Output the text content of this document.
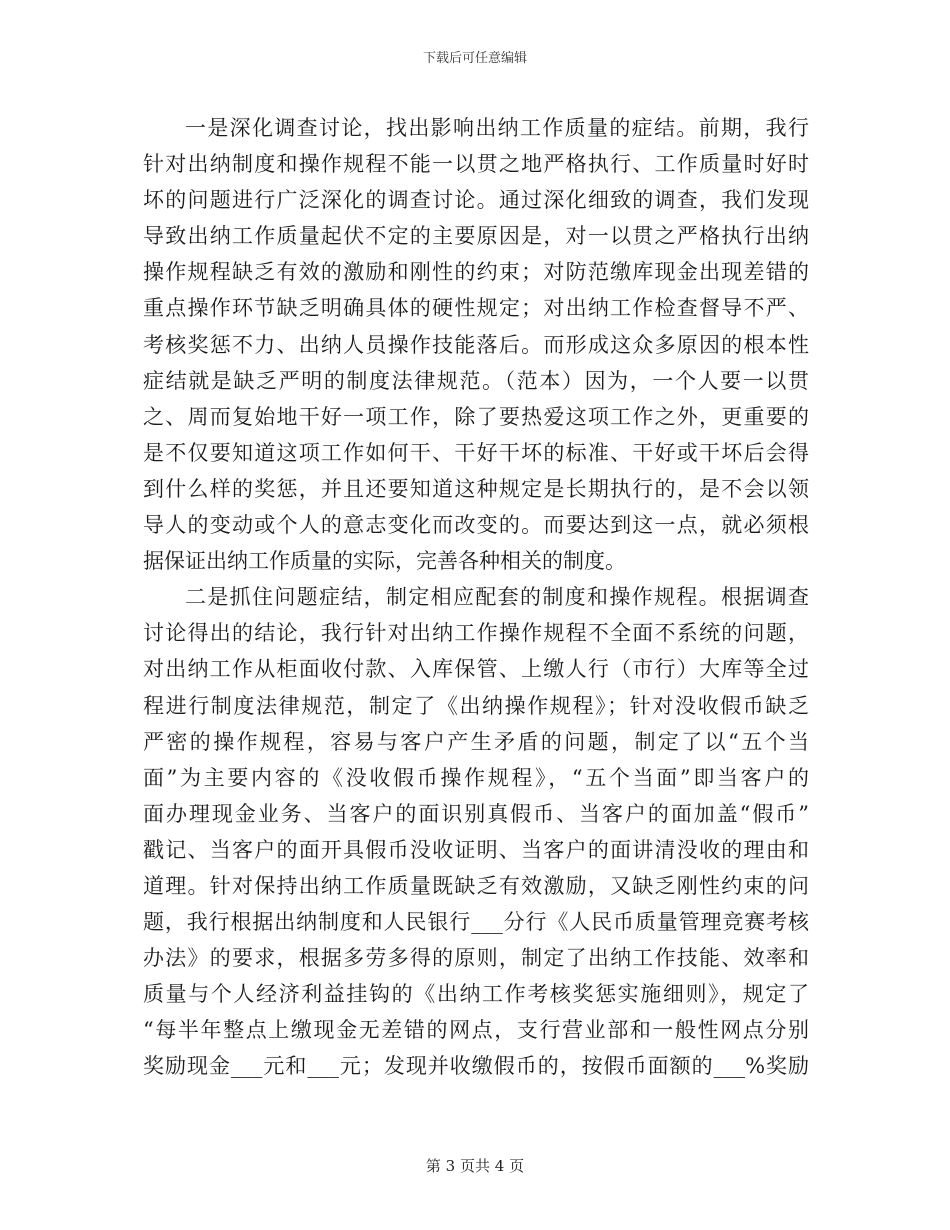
下载后可任意编辑
一是深化调查讨论，找出影响出纳工作质量的症结。前期，我行
针对出纳制度和操作规程不能一以贯之地严格执行、工作质量时好时
坏的问题进行广泛深化的调查讨论。通过深化细致的调查，我们发现
导致出纳工作质量起伏不定的主要原因是，对一以贯之严格执行出纳
操作规程缺乏有效的激励和刚性的约束；对防范缴库现金出现差错的
重点操作环节缺乏明确具体的硬性规定；对出纳工作检查督导不严、
考核奖惩不力、出纳人员操作技能落后。而形成这众多原因的根本性
症结就是缺乏严明的制度法律规范。（范本）因为，一个人要一以贯
之、周而复始地干好一项工作，除了要热爱这项工作之外，更重要的
是不仅要知道这项工作如何干、干好干坏的标准、干好或干坏后会得
到什么样的奖惩，并且还要知道这种规定是长期执行的，是不会以领
导人的变动或个人的意志变化而改变的。而要达到这一点，就必须根
据保证出纳工作质量的实际，完善各种相关的制度。
二是抓住问题症结，制定相应配套的制度和操作规程。根据调查
讨论得出的结论，我行针对出纳工作操作规程不全面不系统的问题，
对出纳工作从柜面收付款、入库保管、上缴人行（市行）大库等全过
程进行制度法律规范，制定了《出纳操作规程》；针对没收假币缺乏
严密的操作规程，容易与客户产生矛盾的问题，制定了以“五个当
面”为主要内容的《没收假币操作规程》，“五个当面”即当客户的
面办理现金业务、当客户的面识别真假币、当客户的面加盖“假币”
戳记、当客户的面开具假币没收证明、当客户的面讲清没收的理由和
道理。针对保持出纳工作质量既缺乏有效激励，又缺乏刚性约束的问
题，我行根据出纳制度和人民银行___分行《人民币质量管理竞赛考核
办法》的要求，根据多劳多得的原则，制定了出纳工作技能、效率和
质量与个人经济利益挂钩的《出纳工作考核奖惩实施细则》，规定了
“每半年整点上缴现金无差错的网点，支行营业部和一般性网点分别
奖励现金___元和___元；发现并收缴假币的，按假币面额的___%奖励
第 3 页共 4 页
